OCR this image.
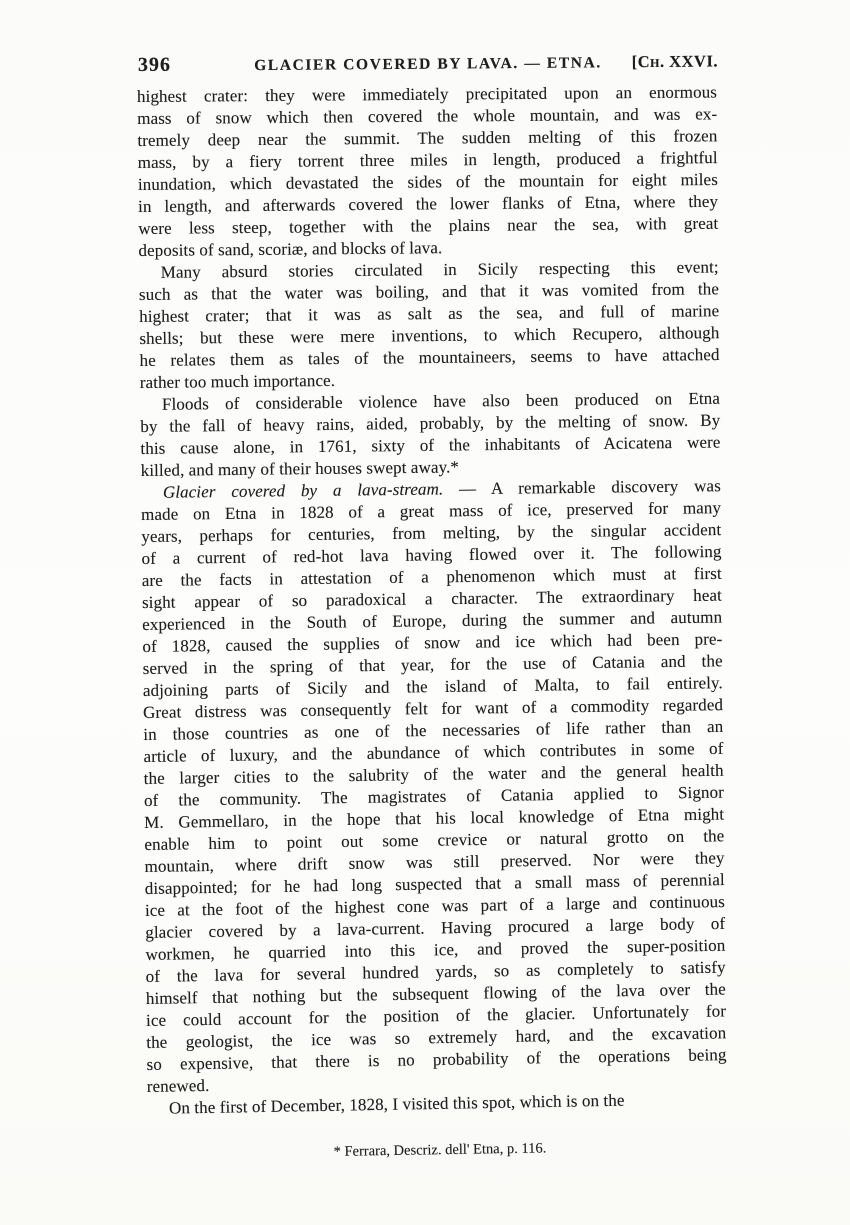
396	GLACIER COVERED BY LAVA. — ETNA. [Ch. XXVI.
highest crater: they were immediately precipitated upon an enormous
mass of snow which then covered the whole mountain, and was ex-
tremely deep near the summit. The sudden melting of this frozen
mass, by a fiery torrent three miles in length, produced a frightful
inundation, which devastated the sides of the mountain for eight miles
in length, and afterwards covered the lower flanks of Etna, where they
were less steep, together with the plains near the sea, with great
deposits of sand, scoriæ, and blocks of lava.
Many absurd stories circulated in Sicily respecting this event;
such as that the water was boiling, and that it was vomited from the
highest crater; that it was as salt as the sea, and full of marine
shells; but these were mere inventions, to which Recupero, although
he relates them as tales of the mountaineers, seems to have attached
rather too much importance.
Floods of considerable violence have also been produced on Etna
by the fall of heavy rains, aided, probably, by the melting of snow. By
this cause alone, in 1761, sixty of the inhabitants of Acicatena were
killed, and many of their houses swept away.*
Glacier covered by a lava-stream. — A remarkable discovery was
made on Etna in 1828 of a great mass of ice, preserved for many
years, perhaps for centuries, from melting, by the singular accident
of a current of red-hot lava having flowed over it. The following
are the facts in attestation of a phenomenon which must at first
sight appear of so paradoxical a character. The extraordinary heat
experienced in the South of Europe, during the summer and autumn
of 1828, caused the supplies of snow and ice which had been pre-
served in the spring of that year, for the use of Catania and the
adjoining parts of Sicily and the island of Malta, to fail entirely.
Great distress was consequently felt for want of a commodity regarded
in those countries as one of the necessaries of life rather than an
article of luxury, and the abundance of which contributes in some of
the larger cities to the salubrity of the water and the general health
of the community. The magistrates of Catania applied to Signor
M. Gemmellaro, in the hope that his local knowledge of Etna might
enable him to point out some crevice or natural grotto on the
mountain, where drift snow was still preserved. Nor were they
disappointed; for he had long suspected that a small mass of perennial
ice at the foot of the highest cone was part of a large and continuous
glacier covered by a lava-current. Having procured a large body of
workmen, he quarried into this ice, and proved the super-position
of the lava for several hundred yards, so as completely to satisfy
himself that nothing but the subsequent flowing of the lava over the
ice could account for the position of the glacier. Unfortunately for
the geologist, the ice was so extremely hard, and the excavation
so expensive, that there is no probability of the operations being
renewed.
On the first of December, 1828, I visited this spot, which is on the
* Ferrara, Descriz. dell' Etna, p. 116.
